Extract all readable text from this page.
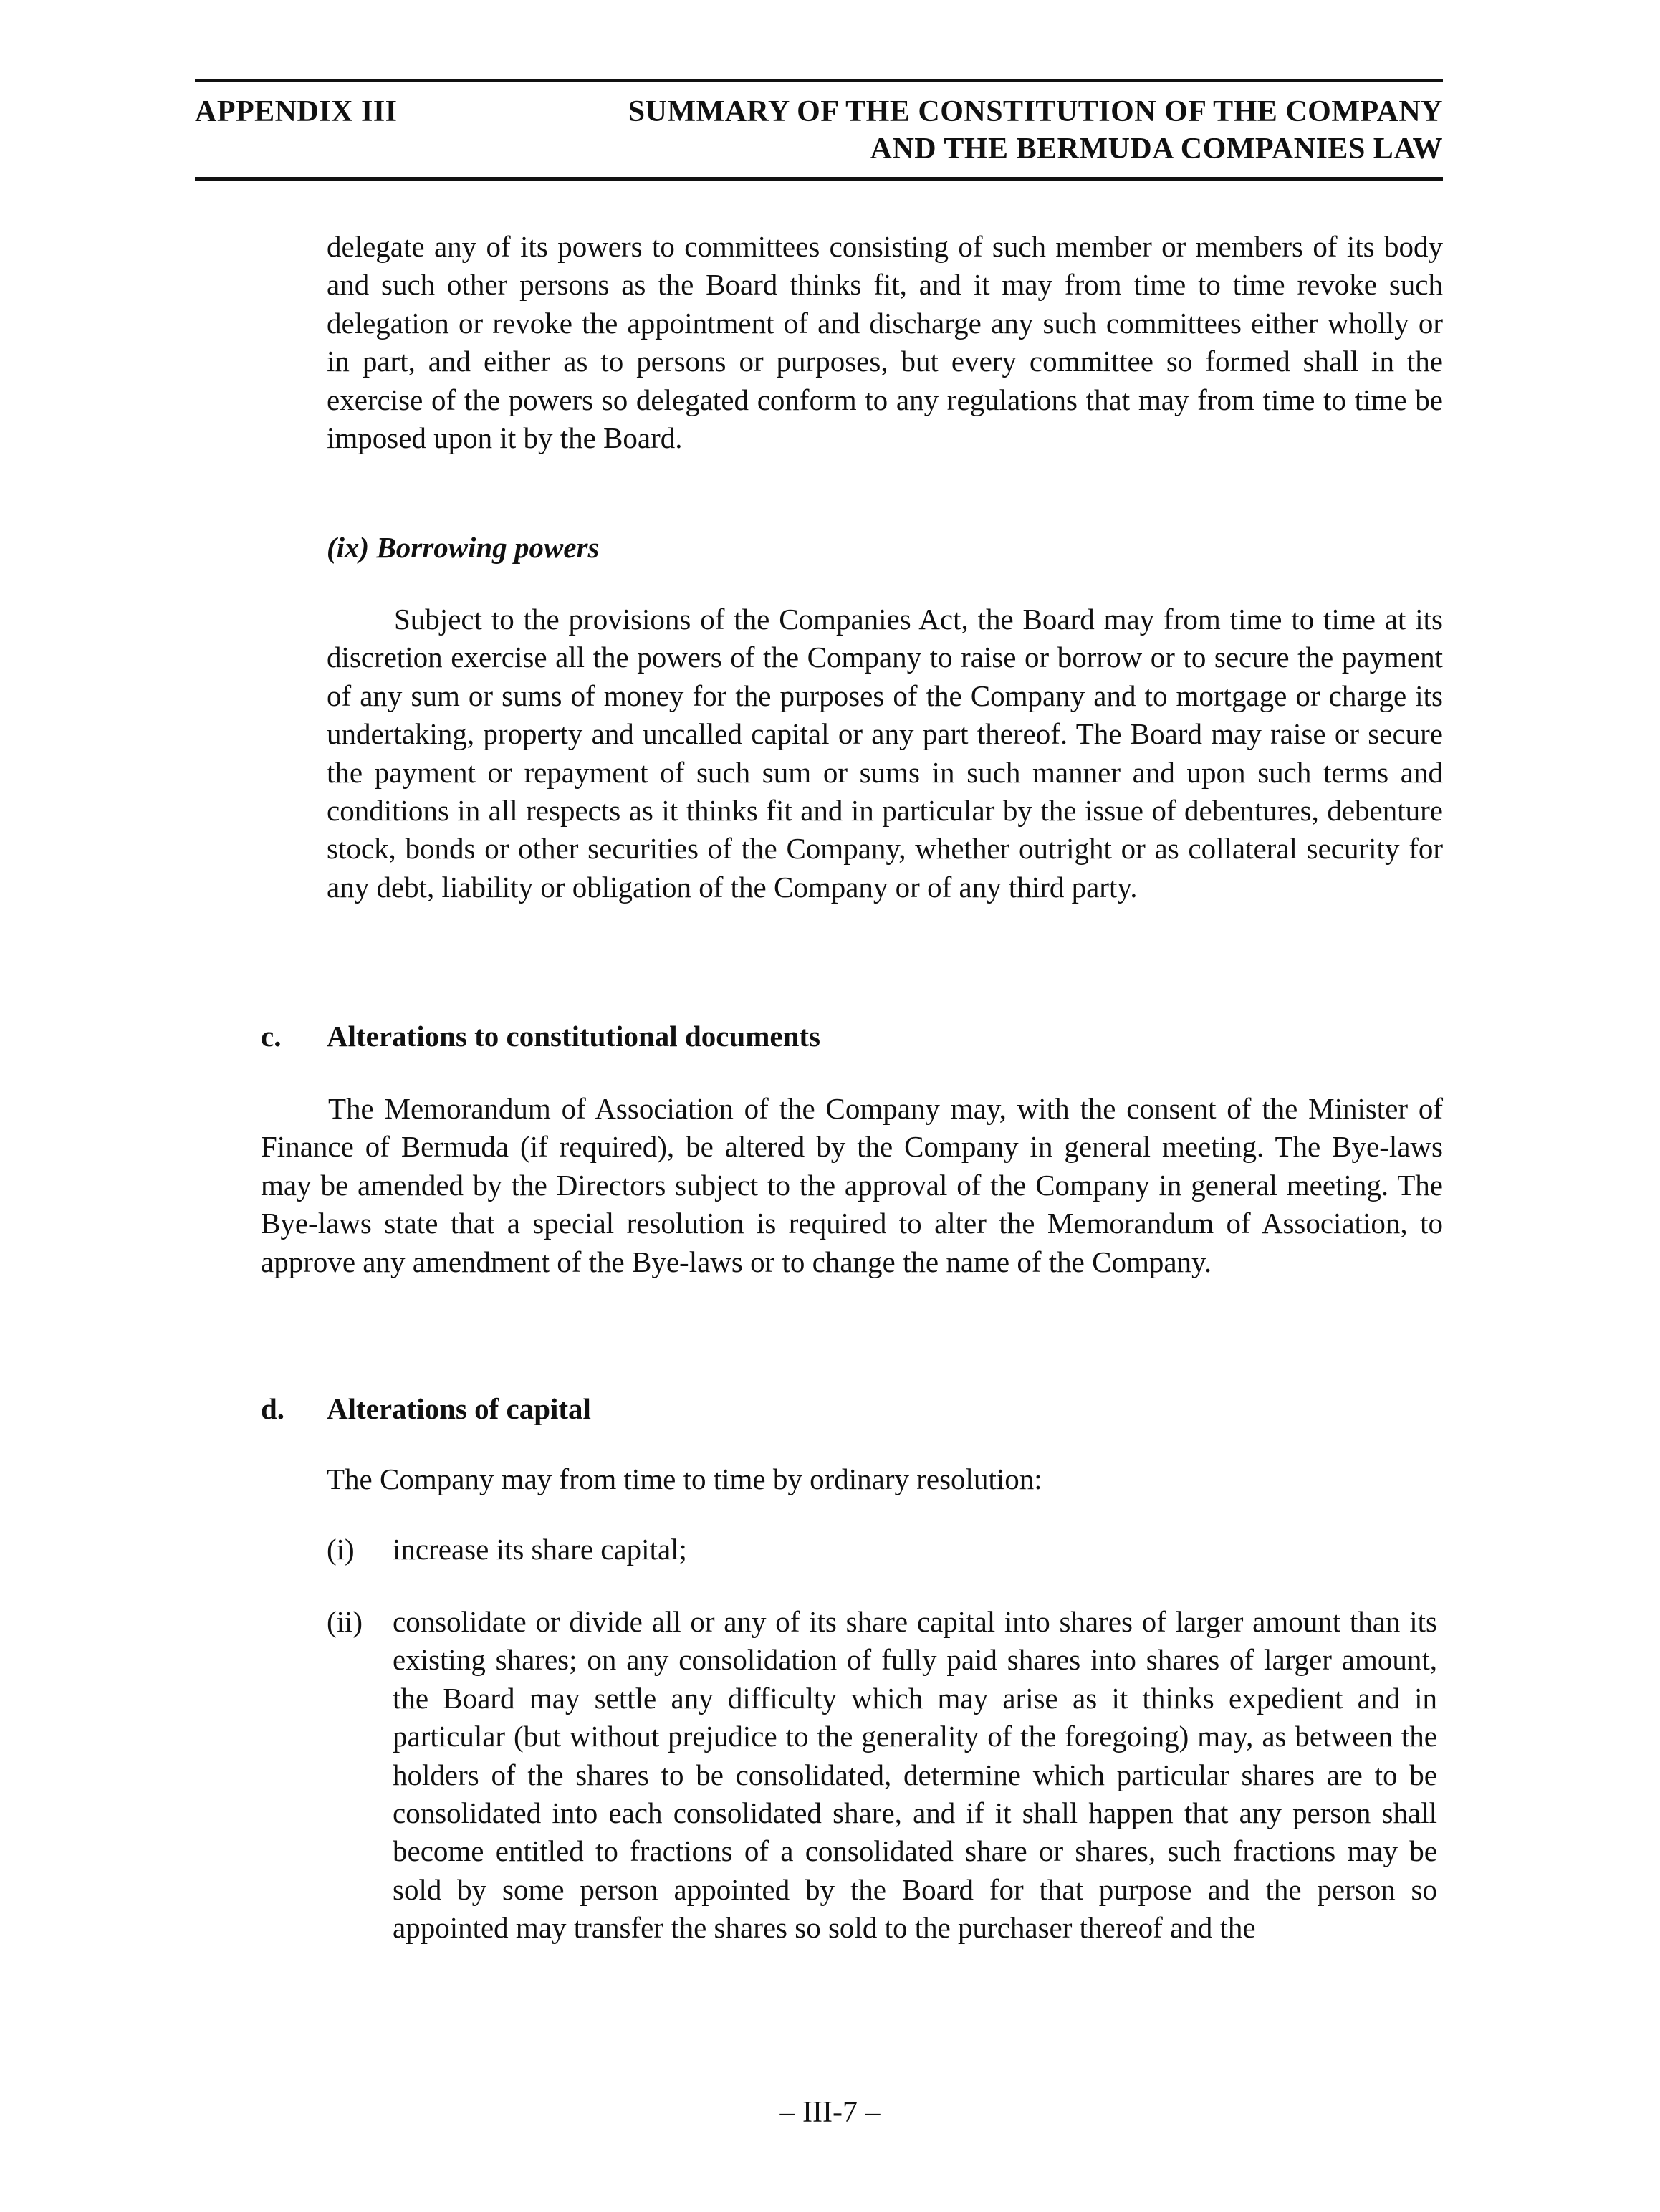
APPENDIX III	SUMMARY OF THE CONSTITUTION OF THE COMPANY
AND THE BERMUDA COMPANIES LAW

delegate any of its powers to committees consisting of such member or members of its body and such other persons as the Board thinks fit, and it may from time to time revoke such delegation or revoke the appointment of and discharge any such committees either wholly or in part, and either as to persons or purposes, but every committee so formed shall in the exercise of the powers so delegated conform to any regulations that may from time to time be imposed upon it by the Board.

(ix) Borrowing powers

Subject to the provisions of the Companies Act, the Board may from time to time at its discretion exercise all the powers of the Company to raise or borrow or to secure the payment of any sum or sums of money for the purposes of the Company and to mortgage or charge its undertaking, property and uncalled capital or any part thereof. The Board may raise or secure the payment or repayment of such sum or sums in such manner and upon such terms and conditions in all respects as it thinks fit and in particular by the issue of debentures, debenture stock, bonds or other securities of the Company, whether outright or as collateral security for any debt, liability or obligation of the Company or of any third party.

c. Alterations to constitutional documents

The Memorandum of Association of the Company may, with the consent of the Minister of Finance of Bermuda (if required), be altered by the Company in general meeting. The Bye-laws may be amended by the Directors subject to the approval of the Company in general meeting. The Bye-laws state that a special resolution is required to alter the Memorandum of Association, to approve any amendment of the Bye-laws or to change the name of the Company.

d. Alterations of capital

The Company may from time to time by ordinary resolution:

(i) increase its share capital;
(ii) consolidate or divide all or any of its share capital into shares of larger amount than its existing shares; on any consolidation of fully paid shares into shares of larger amount, the Board may settle any difficulty which may arise as it thinks expedient and in particular (but without prejudice to the generality of the foregoing) may, as between the holders of the shares to be consolidated, determine which particular shares are to be consolidated into each consolidated share, and if it shall happen that any person shall become entitled to fractions of a consolidated share or shares, such fractions may be sold by some person appointed by the Board for that purpose and the person so appointed may transfer the shares so sold to the purchaser thereof and the
– III-7 –
